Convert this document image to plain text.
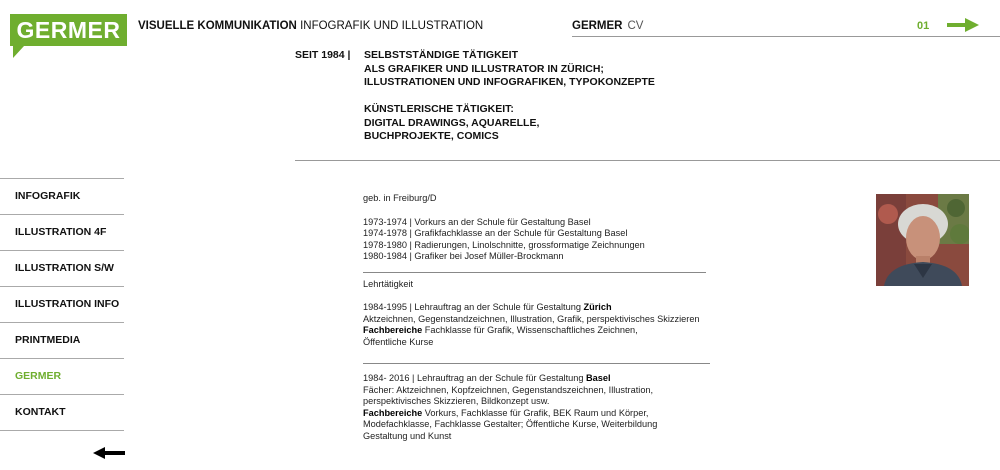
GERMER	VISUELLE KOMMUNIKATION INFOGRAFIK UND ILLUSTRATION	GERMER CV	01
SEIT 1984 | SELBSTSTÄNDIGE TÄTIGKEIT
ALS GRAFIKER UND ILLUSTRATOR IN ZÜRICH;
ILLUSTRATIONEN UND INFOGRAFIKEN, TYPOKONZEPTE
KÜNSTLERISCHE TÄTIGKEIT:
DIGITAL DRAWINGS, AQUARELLE,
BUCHPROJEKTE, COMICS
INFOGRAFIK
ILLUSTRATION 4F
ILLUSTRATION S/W
ILLUSTRATION INFO
PRINTMEDIA
GERMER
KONTAKT
geb. in Freiburg/D
1973-1974 | Vorkurs an der Schule für Gestaltung Basel
1974-1978 | Grafikfachklasse an der Schule für Gestaltung Basel
1978-1980 | Radierungen, Linolschnitte, grossformatige Zeichnungen
1980-1984 | Grafiker bei Josef Müller-Brockmann
Lehrtätigkeit
1984-1995 | Lehrauftrag an der Schule für Gestaltung Zürich
Aktzeichnen, Gegenstandzeichnen, Illustration, Grafik, perspektivisches Skizzieren
Fachbereiche Fachklasse für Grafik, Wissenschaftliches Zeichnen,
Öffentliche Kurse
1984- 2016 | Lehrauftrag an der Schule für Gestaltung Basel
Fächer: Aktzeichnen, Kopfzeichnen, Gegenstandszeichnen, Illustration,
perspektivisches Skizzieren, Bildkonzept usw.
Fachbereiche Vorkurs, Fachklasse für Grafik, BEK Raum und Körper,
Modefachklasse, Fachklasse Gestalter; Öffentliche Kurse, Weiterbildung
Gestaltung und Kunst
